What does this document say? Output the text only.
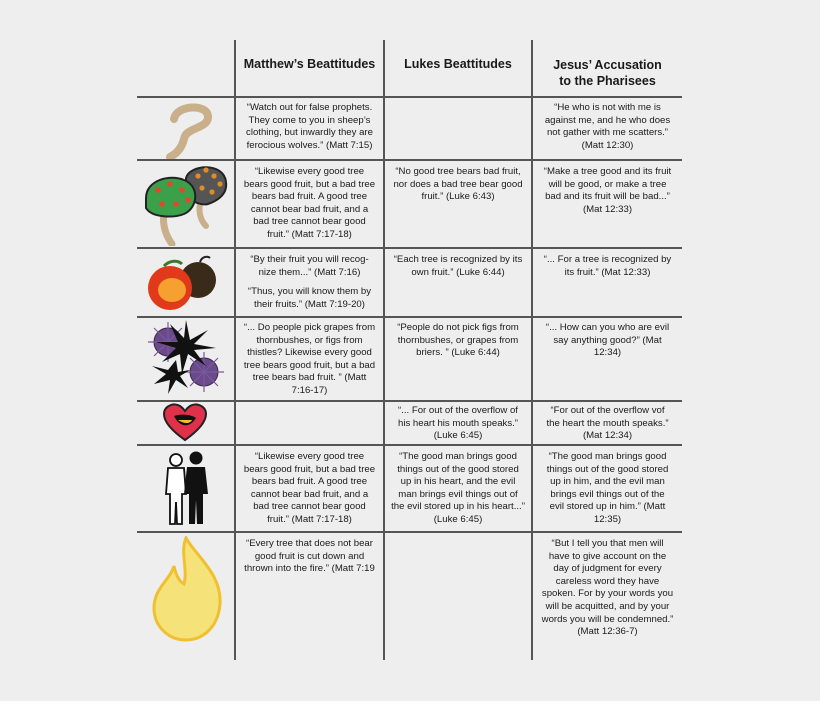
Matthew’s Beattitudes	Lukes Beattitudes	Jesus’ Accusation
to the Pharisees
“Watch out for false prophets.
They come to you in sheep’s
clothing, but inwardly they are
ferocious wolves.” (Matt 7:15)
“He who is not with me is
against me, and he who does
not gather with me scatters.”
(Matt 12:30)
“Likewise every good tree
bears good fruit, but a bad tree
bears bad fruit. A good tree
cannot bear bad fruit, and a
bad tree cannot bear good
fruit.” (Matt 7:17-18)
“No good tree bears bad fruit,
nor does a bad tree bear good
fruit.” (Luke 6:43)
“Make a tree good and its fruit
will be good, or make a tree
bad and its fruit will be bad...”
(Mat 12:33)
“By their fruit you will recog-
nize them...” (Matt 7:16)
“Thus, you will know them by
their fruits.” (Matt 7:19-20)
“Each tree is recognized by its
own fruit.” (Luke 6:44)
“... For a tree is recognized by
its fruit.” (Mat 12:33)
“... Do people pick grapes from
thornbushes, or figs from
thistles? Likewise every good
tree bears good fruit, but a bad
tree bears bad fruit. ” (Matt
7:16-17)
“People do not pick figs from
thornbushes, or grapes from
briers. ” (Luke 6:44)
“... How can you who are evil
say anything good?” (Mat
12:34)
“... For out of the overflow of
his heart his mouth speaks.”
(Luke 6:45)
“For out of the overflow vof
the heart the mouth speaks.”
(Mat 12:34)
“Likewise every good tree
bears good fruit, but a bad tree
bears bad fruit. A good tree
cannot bear bad fruit, and a
bad tree cannot bear good
fruit.” (Matt 7:17-18)
“The good man brings good
things out of the good stored
up in his heart, and the evil
man brings evil things out of
the evil stored up in his heart...”
(Luke 6:45)
“The good man brings good
things out of the good stored
up in him, and the evil man
brings evil things out of the
evil stored up in him.” (Matt
12:35)
“Every tree that does not bear
good fruit is cut down and
thrown into the fire.” (Matt 7:19
“But I tell you that men will
have to give account on the
day of judgment for every
careless word they have
spoken. For by your words you
will be acquitted, and by your
words you will be condemned.”
(Matt 12:36-7)
